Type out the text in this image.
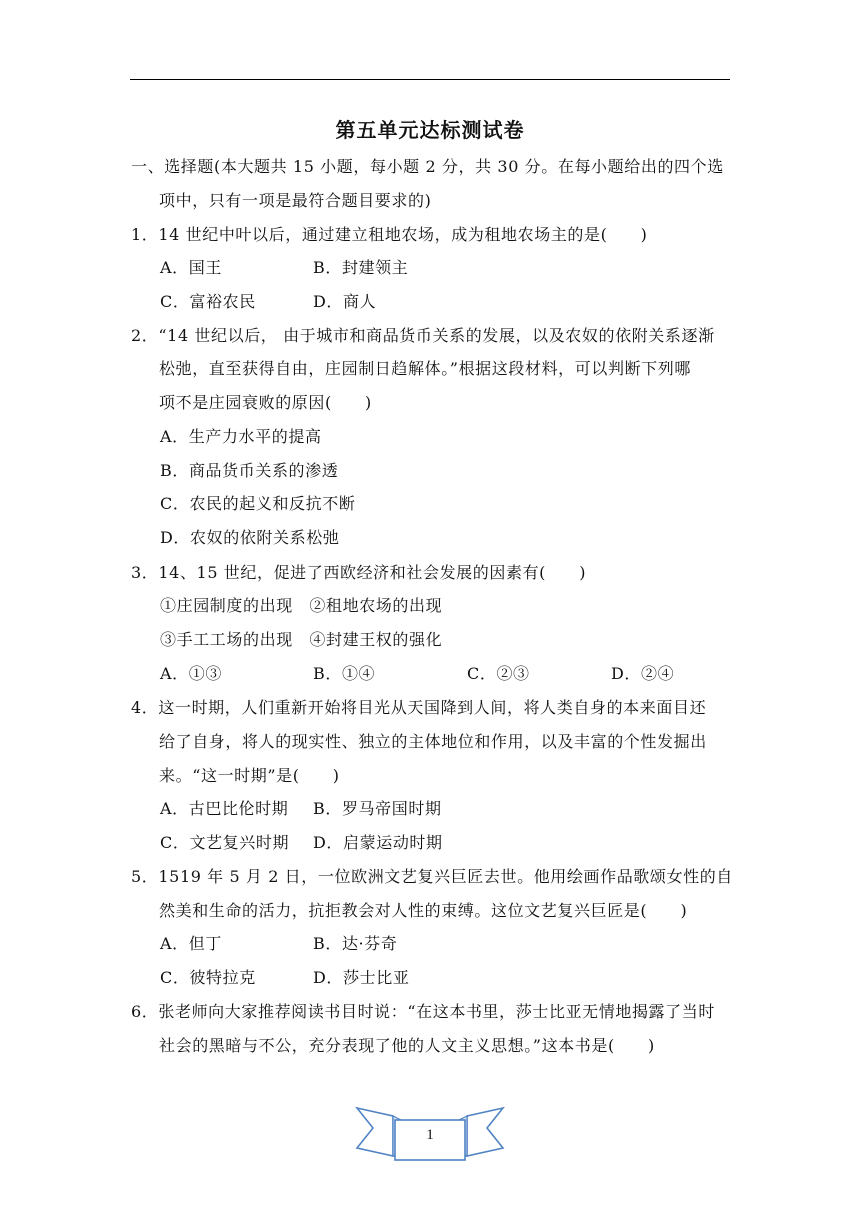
第五单元达标测试卷
一、选择题(本大题共 15 小题，每小题 2 分，共 30 分。在每小题给出的四个选
项中，只有一项是最符合题目要求的)
1．14 世纪中叶以后，通过建立租地农场，成为租地农场主的是(　　)
A．国王	B．封建领主
C．富裕农民	D．商人
2．“14 世纪以后， 由于城市和商品货币关系的发展，以及农奴的依附关系逐渐
松弛，直至获得自由，庄园制日趋解体。”根据这段材料，可以判断下列哪
项不是庄园衰败的原因(　　)
A．生产力水平的提高
B．商品货币关系的渗透
C．农民的起义和反抗不断
D．农奴的依附关系松弛
3．14、15 世纪，促进了西欧经济和社会发展的因素有(　　)
①庄园制度的出现　②租地农场的出现
③手工工场的出现　④封建王权的强化
A．①③	B．①④	C．②③	D．②④
4．这一时期，人们重新开始将目光从天国降到人间，将人类自身的本来面目还
给了自身，将人的现实性、独立的主体地位和作用，以及丰富的个性发掘出
来。“这一时期”是(　　)
A．古巴比伦时期 B．罗马帝国时期
C．文艺复兴时期 D．启蒙运动时期
5．1519 年 5 月 2 日，一位欧洲文艺复兴巨匠去世。他用绘画作品歌颂女性的自
然美和生命的活力，抗拒教会对人性的束缚。这位文艺复兴巨匠是(　　)
A．但丁	B．达·芬奇
C．彼特拉克	D．莎士比亚
6．张老师向大家推荐阅读书目时说：“在这本书里，莎士比亚无情地揭露了当时
社会的黑暗与不公，充分表现了他的人文主义思想。”这本书是(　　)
1
